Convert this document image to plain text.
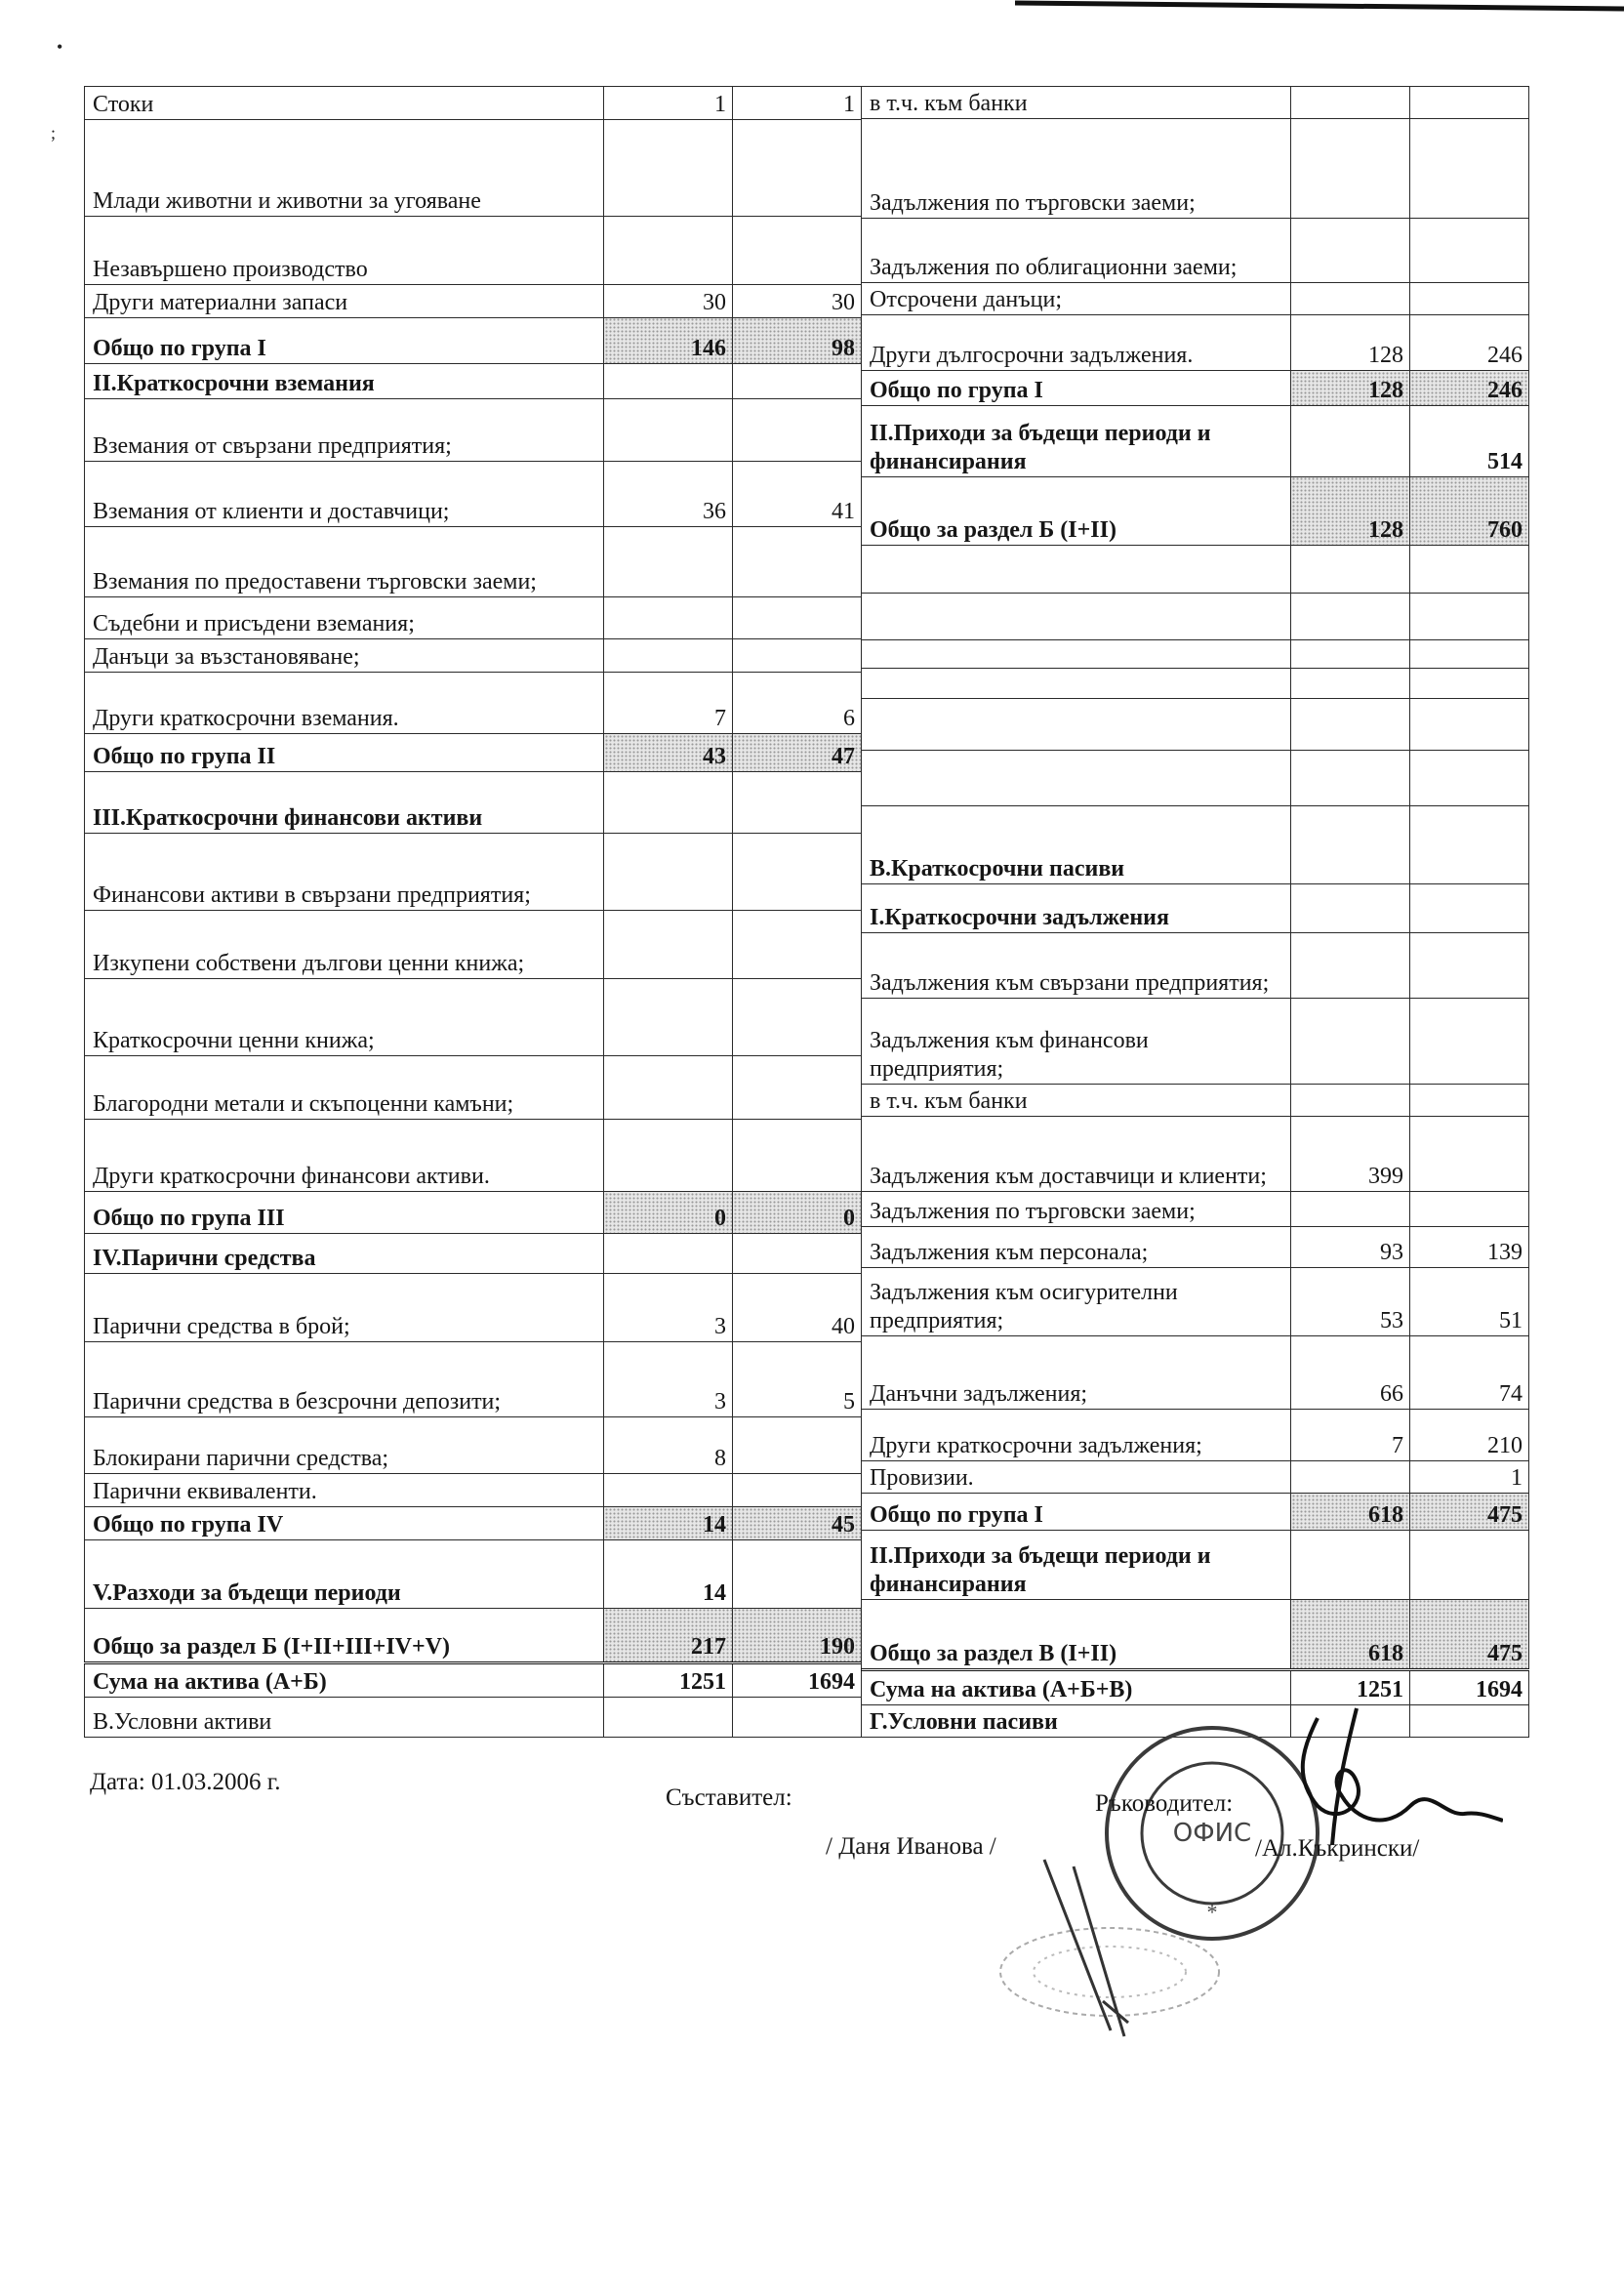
•
;
Стоки	1	1
Млади животни и животни за угояване		
Незавършено производство		
Други материални запаси	30	30
Общо по група I	146	98
II.Краткосрочни вземания		
Вземания от свързани предприятия;		
Вземания от клиенти и доставчици;	36	41
Вземания по предоставени търговски заеми;		
Съдебни и присъдени вземания;		
Данъци за възстановяване;		
Други краткосрочни вземания.	7	6
Общо по група II	43	47
III.Краткосрочни финансови активи		
Финансови активи в свързани предприятия;		
Изкупени собствени дългови ценни книжа;		
Краткосрочни ценни книжа;		
Благородни метали и скъпоценни камъни;		
Други краткосрочни финансови активи.		
Общо по група III	0	0
IV.Парични средства		
Парични средства в брой;	3	40
Парични средства в безсрочни депозити;	3	5
Блокирани парични средства;	8	
Парични еквиваленти.		
Общо по група IV	14	45
V.Разходи за бъдещи периоди	14	
Общо за раздел Б (I+II+III+IV+V)	217	190
Сума на актива (А+Б)	1251	1694
В.Условни активи		
в т.ч. към банки		
Задължения по търговски заеми;		
Задължения по облигационни заеми;		
Отсрочени данъци;		
Други дългосрочни задължения.	128	246
Общо по група I	128	246
II.Приходи за бъдещи периоди и финансирания		514
Общо за раздел Б (I+II)	128	760

В.Краткосрочни пасиви		
I.Краткосрочни задължения		
Задължения към свързани предприятия;		
Задължения към финансови предприятия;		
в т.ч. към банки		
Задължения към доставчици и клиенти;	399	
Задължения по търговски заеми;		
Задължения към персонала;	93	139
Задължения към осигурителни предприятия;	53	51
Данъчни задължения;	66	74
Други краткосрочни задължения;	7	210
Провизии.		1
Общо по група I	618	475
II.Приходи за бъдещи периоди и финансирания		
Общо за раздел В (I+II)	618	475
Сума на актива (А+Б+В)	1251	1694
Г.Условни пасиви		
Дата: 01.03.2006 г.
Съставител:
/ Даня Иванова /	ОФИС
*
Ръководител:
/Ал.Къкрински/
